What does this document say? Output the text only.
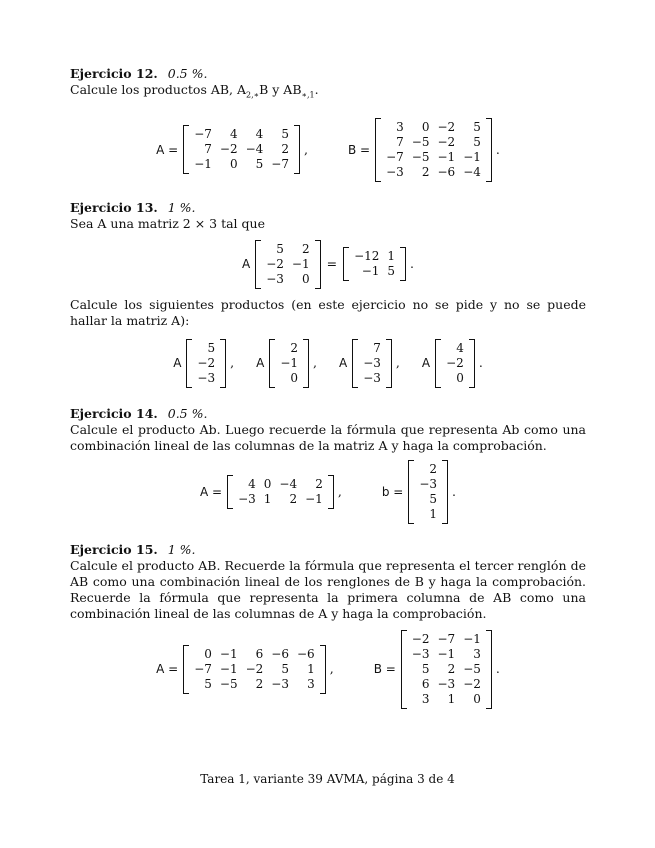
Ejercicio 12. 0.5 %.

Calcule los productos AB, $A_{2,∗}B$ y $AB_{∗,1}$.

A =
−7	4	4	5
7	−2	−4	2
−1	0	5	−7
,	B =
3	0	−2	5
7	−5	−2	5
−7	−5	−1	−1
−3	2	−6	−4
.
Ejercicio 13. 1 %.

Sea A una matriz 2 × 3 tal que

A
5	2
−2	−1
−3	0
= −12	1
−1	5 .

Calcule los siguientes productos (en este ejercicio no se pide y no se puede hallar la matriz A):

A
5
−2
−3
, A
2
−1
0
, A
7
−3
−3
, A
4
−2
0
.
Ejercicio 14. 0.5 %.

Calcule el producto Ab. Luego recuerde la fórmula que representa Ab como una combinación lineal de las columnas de la matriz A y haga la comprobación.

A =
4	0	−4	2
−3	1	2	−1 ,	b =
2
−3
5
1
.
Ejercicio 15. 1 %.

Calcule el producto AB. Recuerde la fórmula que representa el tercer renglón de AB como una combinación lineal de los renglones de B y haga la comprobación. Recuerde la fórmula que representa la primera columna de AB como una combinación lineal de las columnas de A y haga la comprobación.

A =
0	−1	6	−6	−6
−7	−1	−2	5	1
5	−5	2	−3	3
,	B =
−2	−7	−1
−3	−1	3
5	2	−5
6	−3	−2
3	1	0
.
Tarea 1, variante 39 AVMA, página 3 de 4
